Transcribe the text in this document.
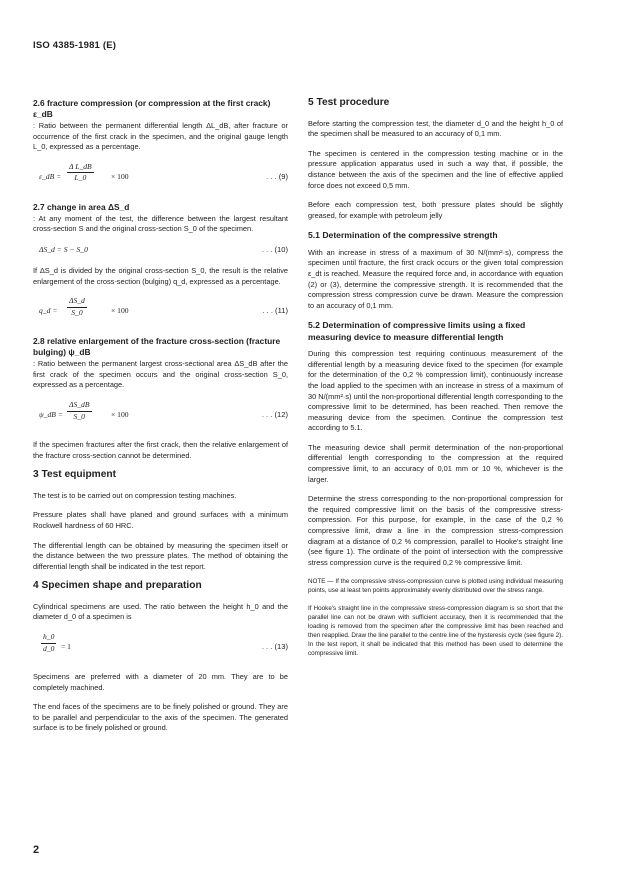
ISO 4385-1981 (E)
2.6 fracture compression (or compression at the first crack) ε_dB

: Ratio between the permanent differential length ΔL_dB, after fracture or occurrence of the first crack in the specimen, and the original gauge length L_0, expressed as a percentage.

ε_dB = $\frac{\text{Δ L\_dB}}{L\_0} \times 100$	. . . (9)
2.7 change in area ΔS_d

: At any moment of the test, the difference between the largest resultant cross-section S and the original cross-section S_0 of the specimen.

ΔS_d = S − S_0	. . . (10)

If ΔS_d is divided by the original cross-section S_0, the result is the relative enlargement of the cross-section (bulging) q_d, expressed as a percentage.

q_d = $\frac{\Delta S\_d}{S\_0}$	× 100	. . . (11)
2.8 relative enlargement of the fracture cross-section (fracture bulging) ψ_dB

: Ratio between the permanent largest cross-sectional area ΔS_dB after the first crack of the specimen occurs and the original cross-section S_0, expressed as a percentage.

ψ_dB = $\frac{\Delta S\_dB}{S\_0}$	× 100	. . . (12)

If the specimen fractures after the first crack, then the relative enlargement of the fracture cross-section cannot be determined.

3 Test equipment

The test is to be carried out on compression testing machines.

Pressure plates shall have planed and ground surfaces with a minimum Rockwell hardness of 60 HRC.

The differential length can be obtained by measuring the specimen itself or the distance between the two pressure plates. The method of obtaining the differential length shall be indicated in the test report.

4 Specimen shape and preparation

Cylindrical specimens are used. The ratio between the height h_0 and the diameter d_0 of a specimen is

$\frac{h\_0}{d\_0} = 1$	. . . (13)

Specimens are preferred with a diameter of 20 mm. They are to be completely machined.

The end faces of the specimens are to be finely polished or ground. They are to be parallel and perpendicular to the axis of the specimen. The generated surface is to be finely polished or ground.

5 Test procedure

Before starting the compression test, the diameter d_0 and the height h_0 of the specimen shall be measured to an accuracy of 0,1 mm.

The specimen is centered in the compression testing machine or in the pressure application apparatus used in such a way that, if possible, the distance between the axis of the specimen and the line of effective applied force does not exceed 0,5 mm.

Before each compression test, both pressure plates should be slightly greased, for example with petroleum jelly

5.1 Determination of the compressive strength

With an increase in stress of a maximum of 30 N/(mm²·s), compress the specimen until fracture, the first crack occurs or the given total compression ε_dt is reached. Measure the required force and, in accordance with equation (2) or (3), determine the compressive strength. It is recommended that the compression stress compression curve be drawn. Measure the compression to an accuracy of 0,1 mm.

5.2 Determination of compressive limits using a fixed measuring device to measure differential length

During this compression test requiring continuous measurement of the differential length by a measuring device fixed to the specimen (for example for the determination of the 0,2 % compression limit), continuously increase the load applied to the specimen with an increase in stress of a maximum of 30 N/(mm²·s) until the non-proportional differential length corresponding to the compressive limit to be determined, has been reached. Then remove the measuring device from the specimen. Continue the compression test according to 5.1.

The measuring device shall permit determination of the non-proportional differential length corresponding to the compression at the required compressive limit, to an accuracy of 0,01 mm or 10 %, whichever is the larger.

Determine the stress corresponding to the non-proportional compression for the required compressive limit on the basis of the compressive stress-compression. For this purpose, for example, in the case of the 0,2 % compressive limit, draw a line in the compression stress-compression diagram at a distance of 0,2 % compression, parallel to Hooke's straight line (see figure 1). The ordinate of the point of intersection with the compressive stress compression curve is the required 0,2 % compressive limit.

NOTE — If the compressive stress-compression curve is plotted using individual measuring points, use at least ten points approximately evenly distributed over the stress range.

If Hooke's straight line in the compressive stress-compression diagram is so short that the parallel line can not be drawn with sufficient accuracy, then it is recommended that the loading is removed from the specimen after the compressive limit has been reached and then reapplied. Draw the line parallel to the centre line of the hysteresis cycle (see figure 2). In the test report, it shall be indicated that this method has been used to determine the compressive limit.

2
